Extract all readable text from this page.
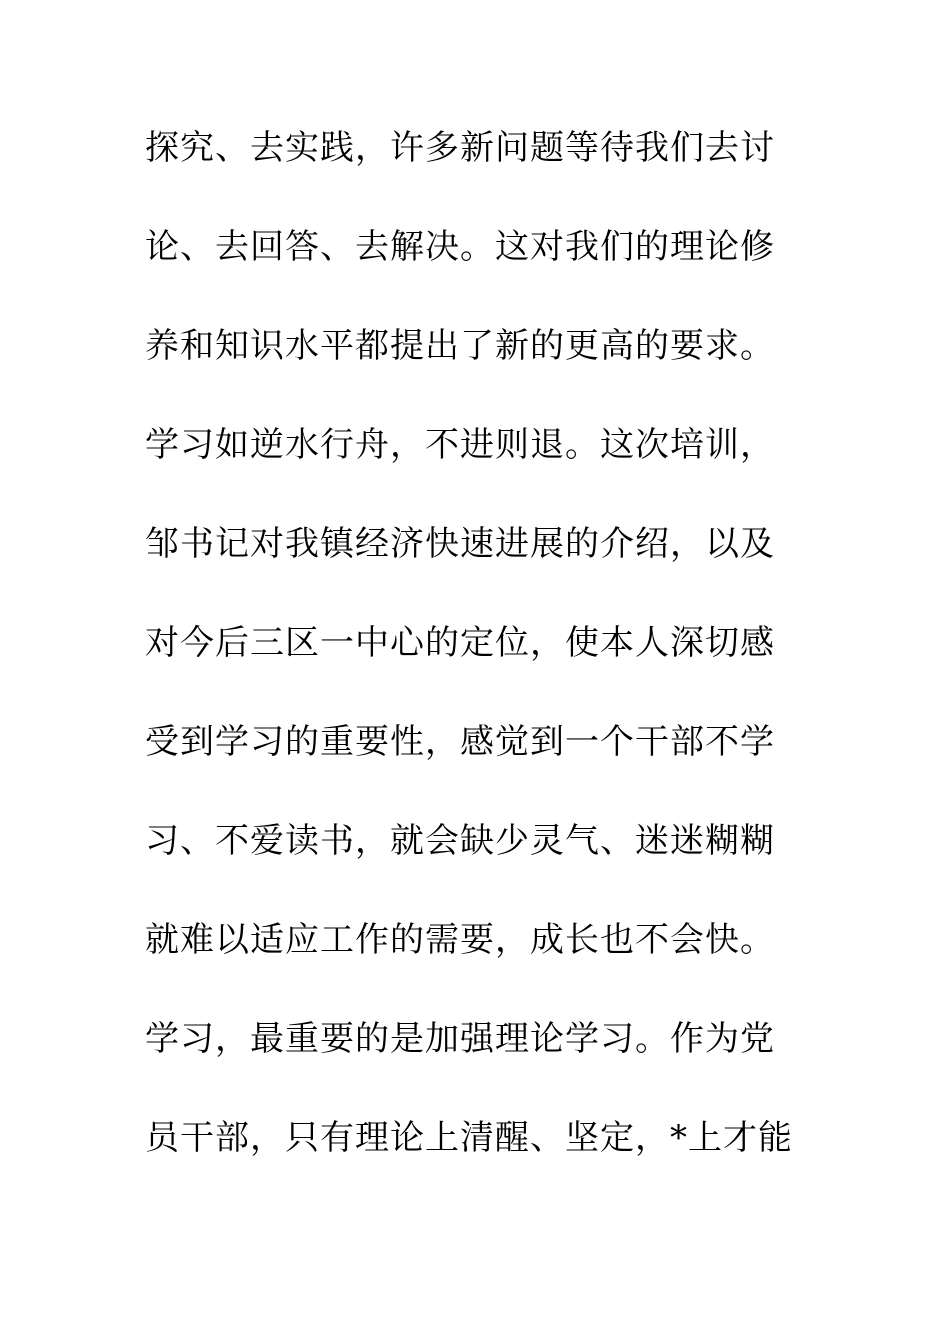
探究、去实践，许多新问题等待我们去讨
论、去回答、去解决。这对我们的理论修
养和知识水平都提出了新的更高的要求。
学习如逆水行舟，不进则退。这次培训，
邹书记对我镇经济快速进展的介绍，以及
对今后三区一中心的定位，使本人深切感
受到学习的重要性，感觉到一个干部不学
习、不爱读书，就会缺少灵气、迷迷糊糊
就难以适应工作的需要，成长也不会快。
学习，最重要的是加强理论学习。作为党
员干部，只有理论上清醒、坚定，*上才能
